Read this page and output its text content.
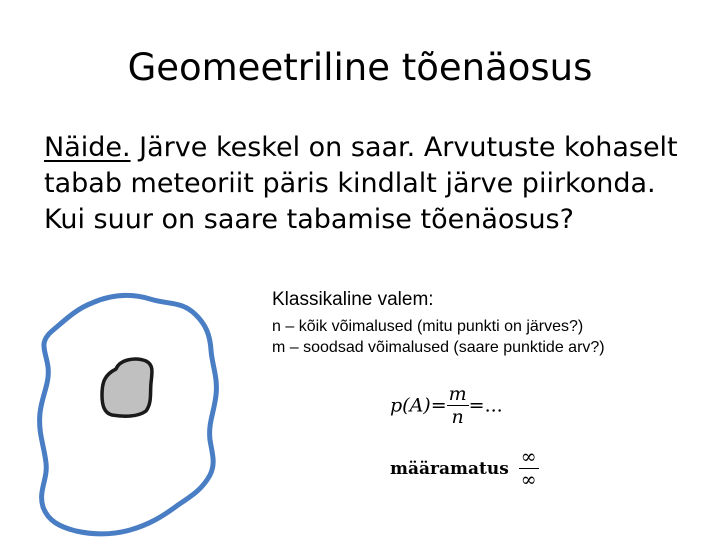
Geomeetriline tõenäosus
Näide. Järve keskel on saar. Arvutuste kohaselt tabab meteoriit päris kindlalt järve piirkonda. Kui suur on saare tabamise tõenäosus?
Klassikaline valem:
n – kõik võimalused (mitu punkti on järves?)
m – soodsad võimalused (saare punktide arv?)
$p(A)= \frac{m}{n}$ =...
määramatus $\frac{\infty}{\infty}$
